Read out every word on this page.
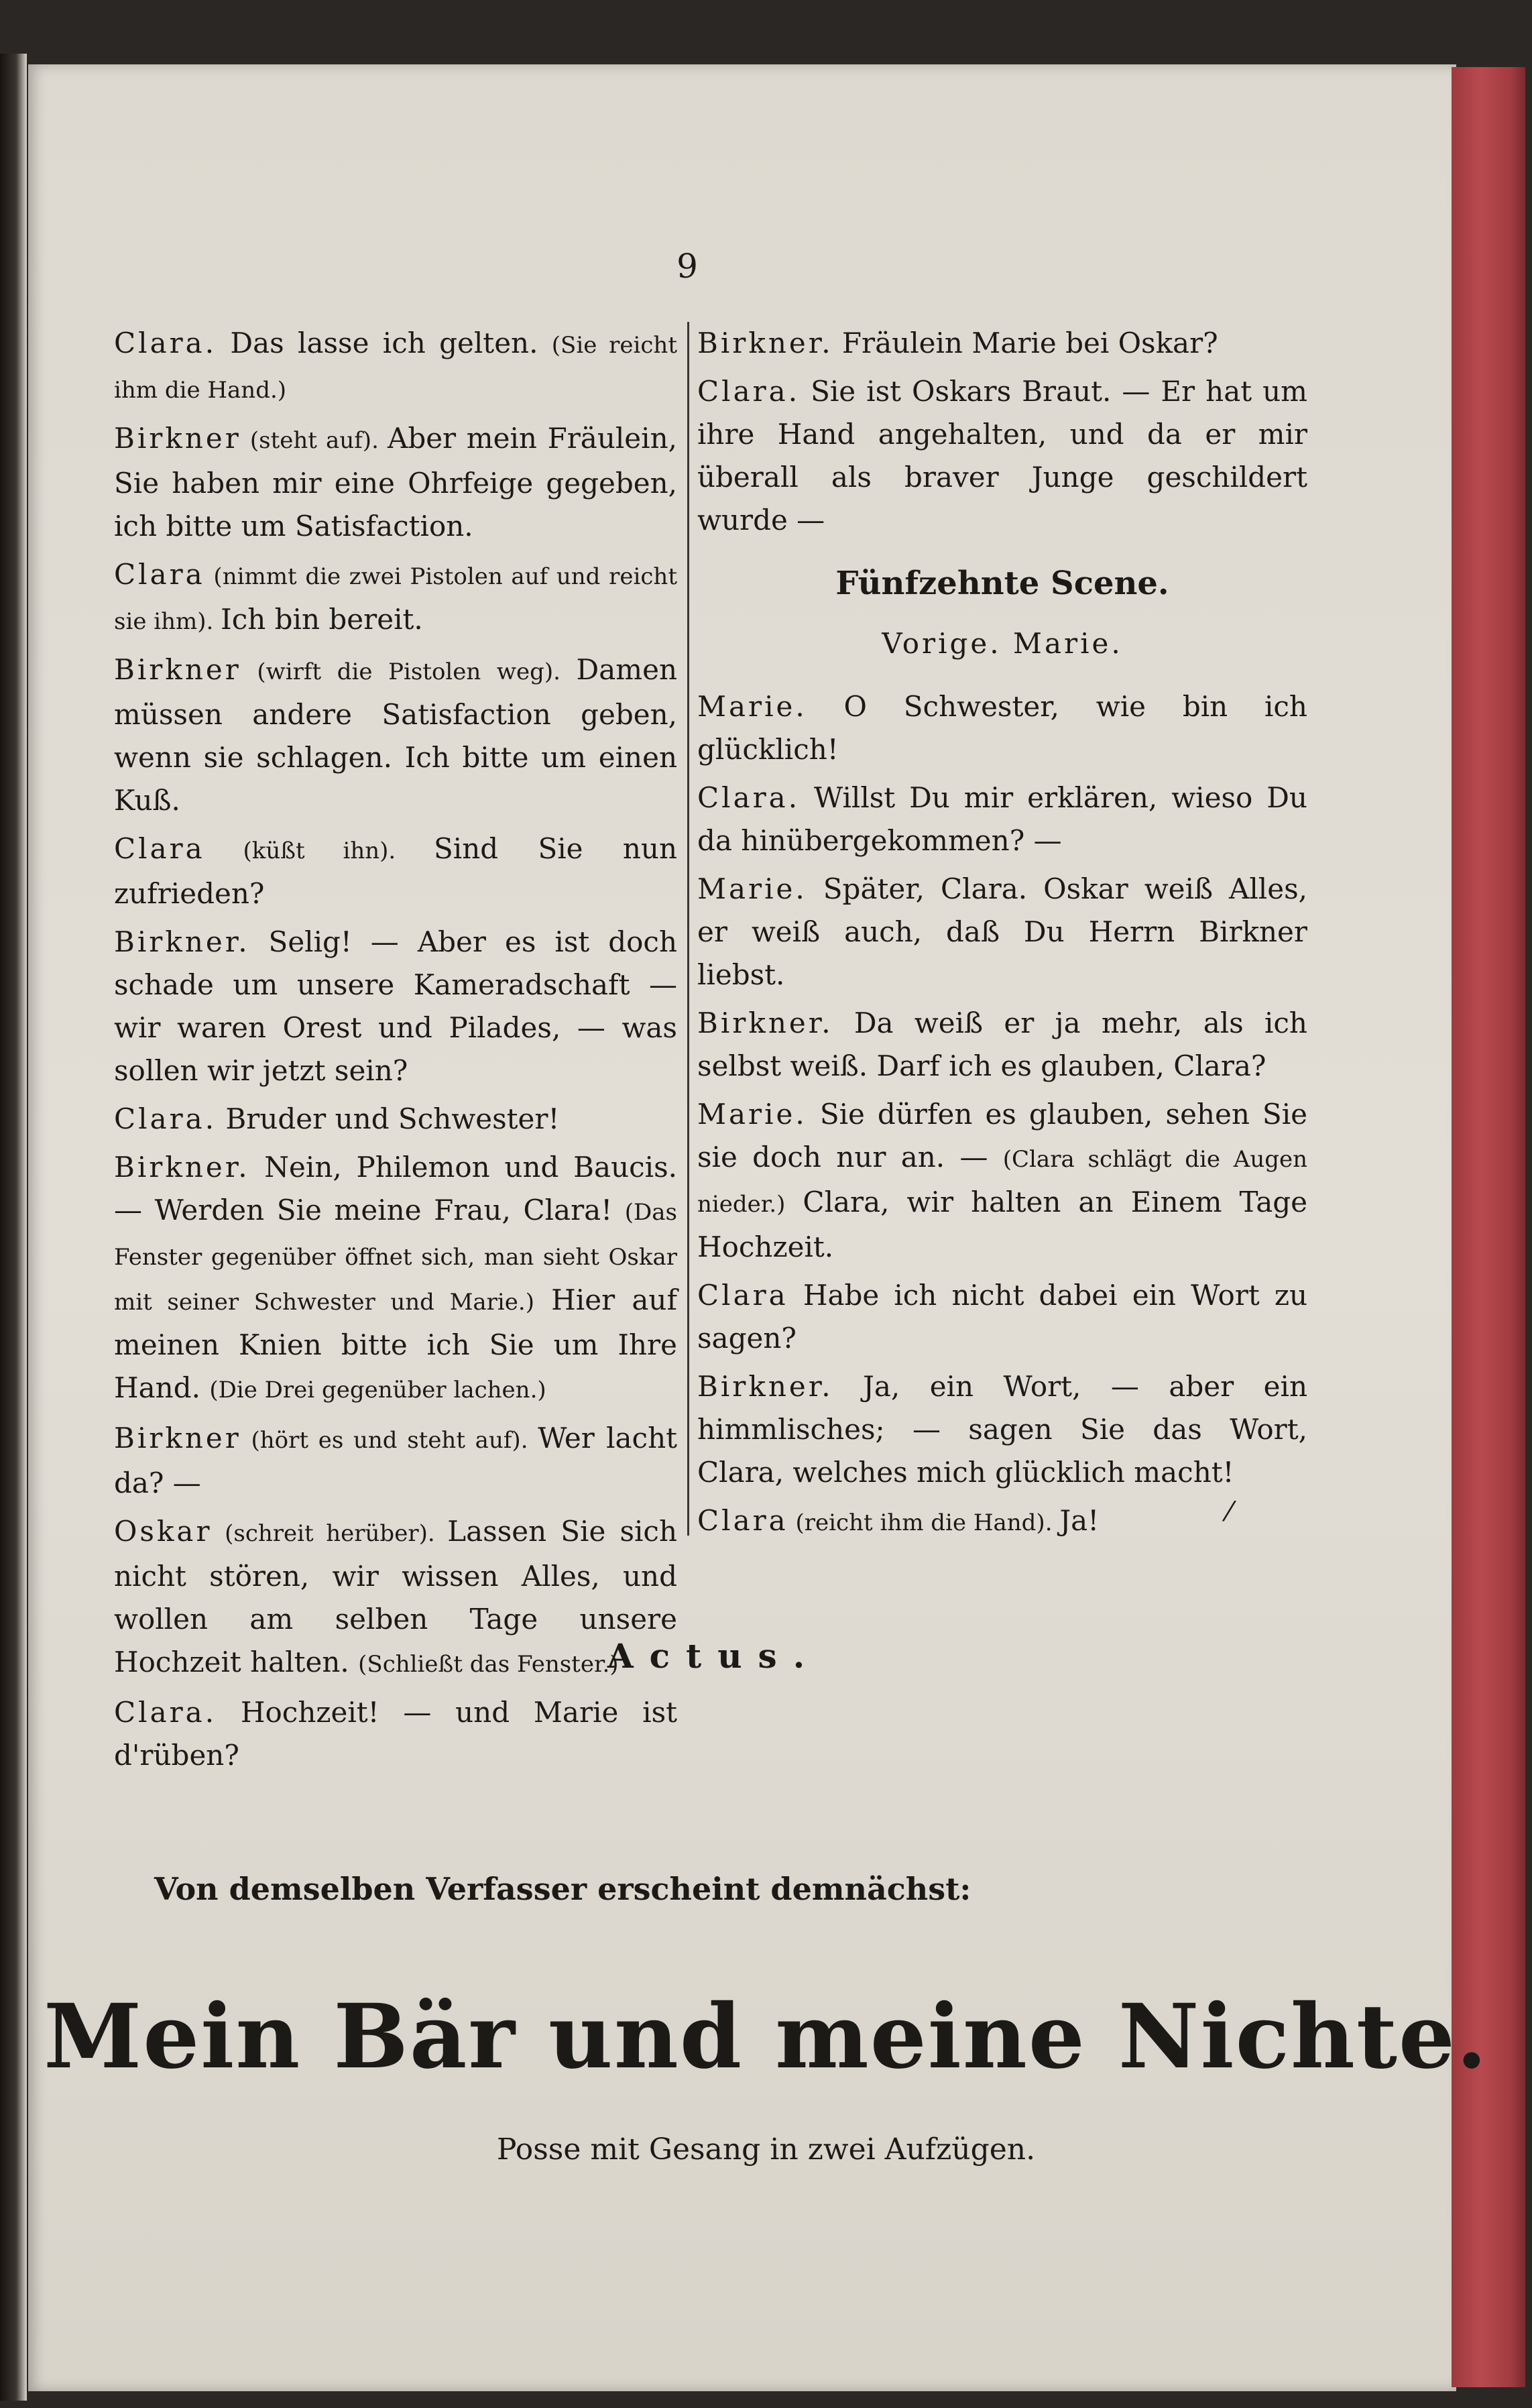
9

Clara. Das lasse ich gelten. (Sie reicht ihm die Hand.)

Birkner (steht auf). Aber mein Fräulein, Sie haben mir eine Ohrfeige gegeben, ich bitte um Satisfaction.

Clara (nimmt die zwei Pistolen auf und reicht sie ihm). Ich bin bereit.

Birkner (wirft die Pistolen weg). Damen müssen andere Satisfaction geben, wenn sie schlagen. Ich bitte um einen Kuß.

Clara (küßt ihn). Sind Sie nun zufrieden?

Birkner. Selig! — Aber es ist doch schade um unsere Kameradschaft — wir waren Orest und Pilades, — was sollen wir jetzt sein?

Clara. Bruder und Schwester!

Birkner. Nein, Philemon und Baucis. — Werden Sie meine Frau, Clara! (Das Fenster gegenüber öffnet sich, man sieht Oskar mit seiner Schwester und Marie.) Hier auf meinen Knien bitte ich Sie um Ihre Hand. (Die Drei gegenüber lachen.)

Birkner (hört es und steht auf). Wer lacht da? —

Oskar (schreit herüber). Lassen Sie sich nicht stören, wir wissen Alles, und wollen am selben Tage unsere Hochzeit halten. (Schließt das Fenster.)

Clara. Hochzeit! — und Marie ist d'rüben?

Birkner. Fräulein Marie bei Oskar?

Clara. Sie ist Oskars Braut. — Er hat um ihre Hand angehalten, und da er mir überall als braver Junge geschildert wurde —

Fünfzehnte Scene.
Vorige. Marie.

Marie. O Schwester, wie bin ich glücklich!

Clara. Willst Du mir erklären, wieso Du da hinübergekommen? —

Marie. Später, Clara. Oskar weiß Alles, er weiß auch, daß Du Herrn Birkner liebst.

Birkner. Da weiß er ja mehr, als ich selbst weiß. Darf ich es glauben, Clara?

Marie. Sie dürfen es glauben, sehen Sie sie doch nur an. — (Clara schlägt die Augen nieder.) Clara, wir halten an Einem Tage Hochzeit.

Clara Habe ich nicht dabei ein Wort zu sagen?

Birkner. Ja, ein Wort, — aber ein himmlisches; — sagen Sie das Wort, Clara, welches mich glücklich macht!

Clara (reicht ihm die Hand). Ja!	⁄
Actus.
Von demselben Verfasser erscheint demnächst:
Mein Bär und meine Nichte.
Posse mit Gesang in zwei Aufzügen.
